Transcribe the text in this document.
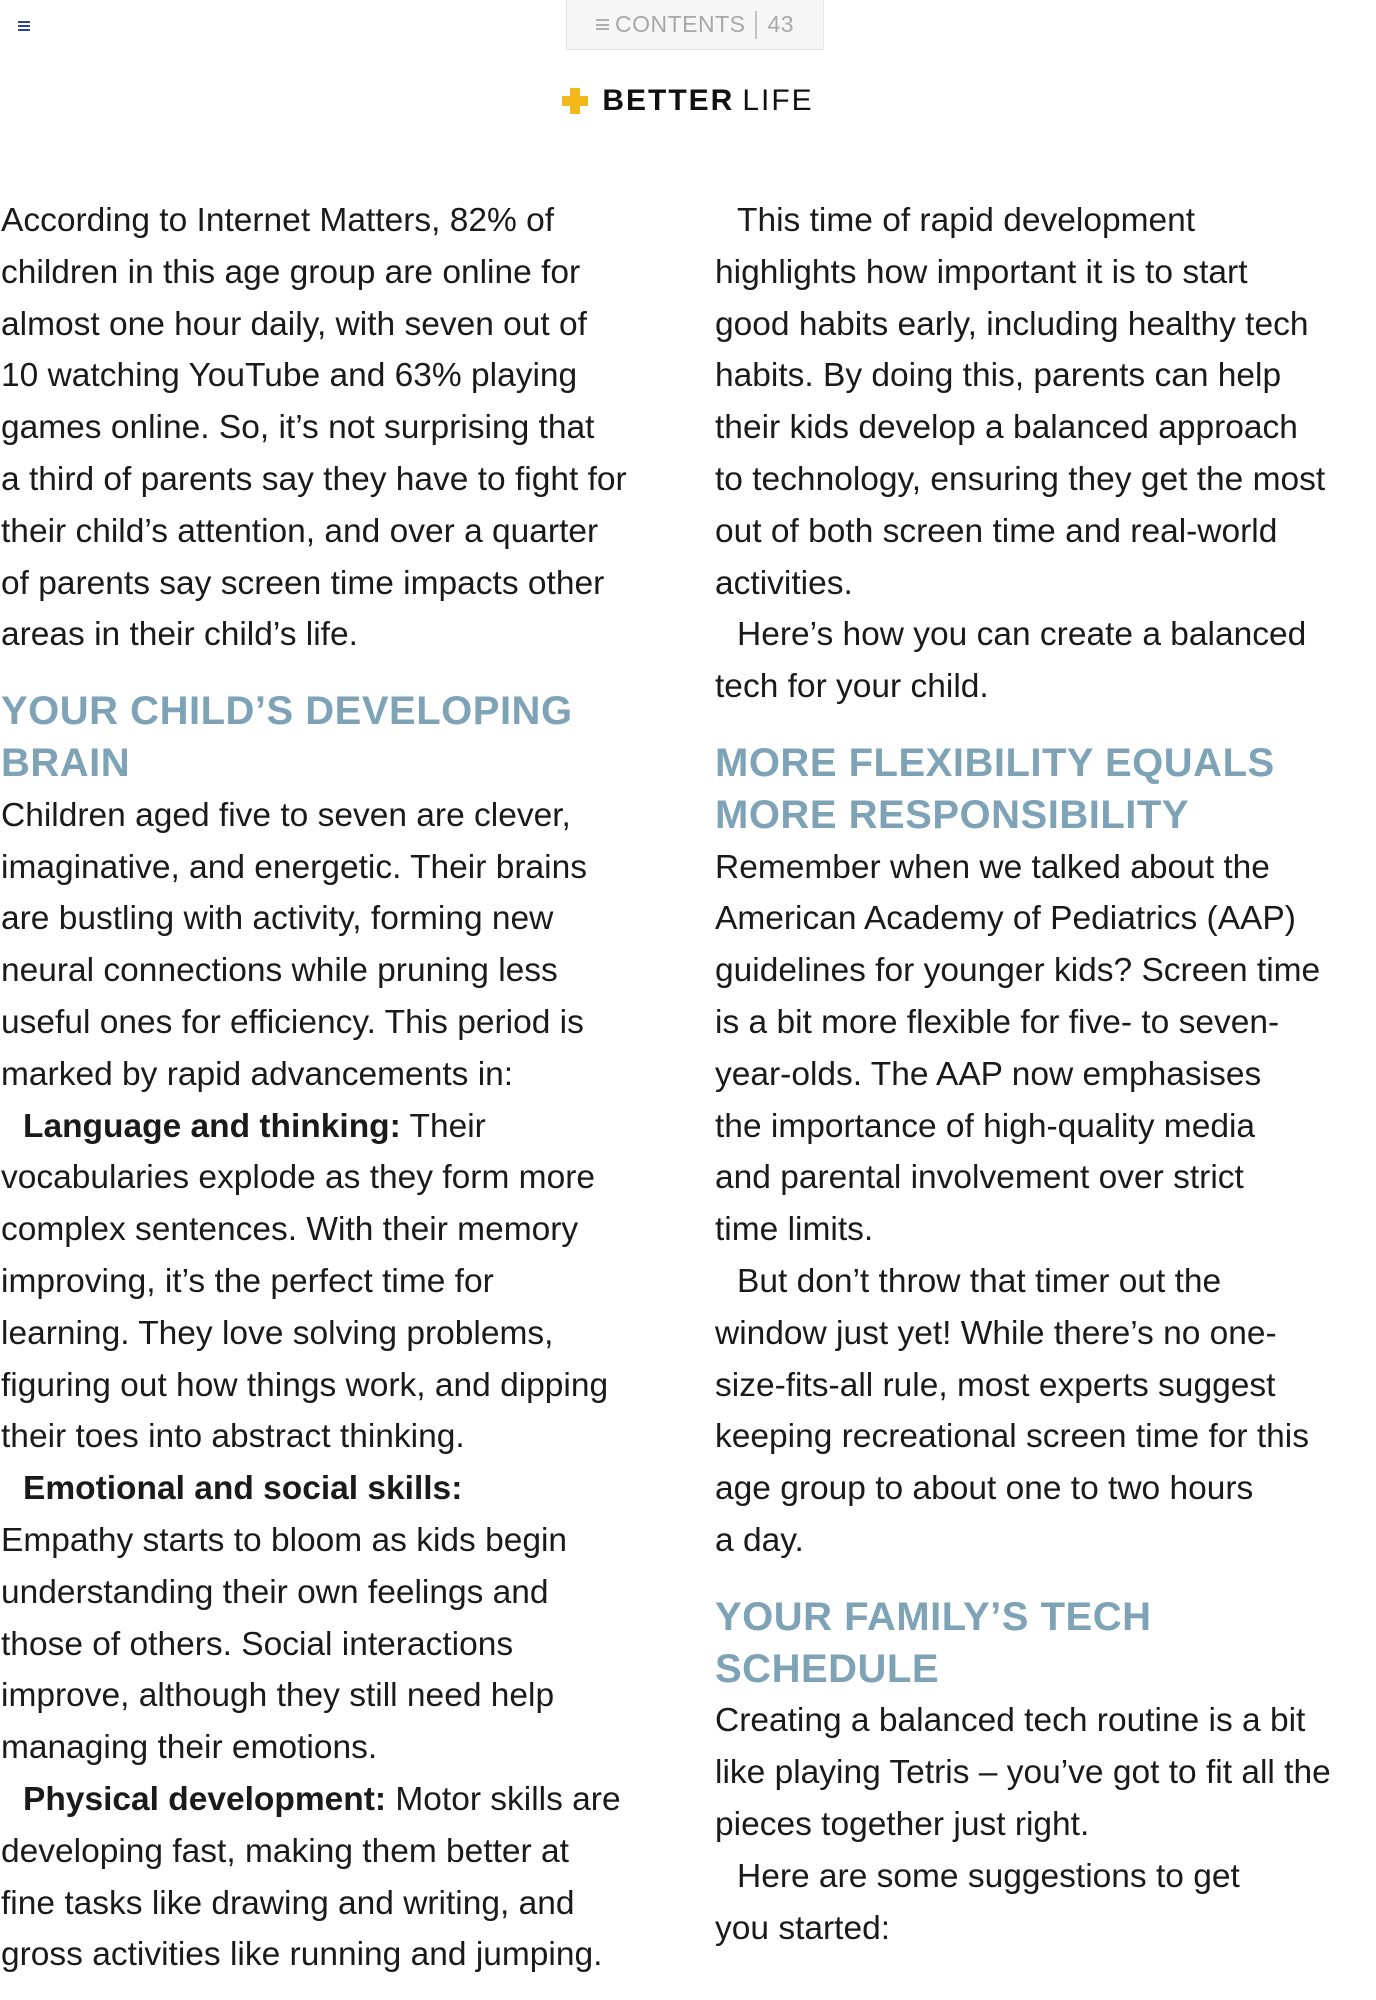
CONTENTS 43
BETTER LIFE

According to Internet Matters, 82% of
children in this age group are online for
almost one hour daily, with seven out of
10 watching YouTube and 63% playing
games online. So, it’s not surprising that
a third of parents say they have to fight for
their child’s attention, and over a quarter
of parents say screen time impacts other
areas in their child’s life.

YOUR CHILD’S DEVELOPING
BRAIN

Children aged five to seven are clever,
imaginative, and energetic. Their brains
are bustling with activity, forming new
neural connections while pruning less
useful ones for efficiency. This period is
marked by rapid advancements in:

Language and thinking: Their
vocabularies explode as they form more
complex sentences. With their memory
improving, it’s the perfect time for
learning. They love solving problems,
figuring out how things work, and dipping
their toes into abstract thinking.

Emotional and social skills:
Empathy starts to bloom as kids begin
understanding their own feelings and
those of others. Social interactions
improve, although they still need help
managing their emotions.

Physical development: Motor skills are
developing fast, making them better at
fine tasks like drawing and writing, and
gross activities like running and jumping.

This time of rapid development
highlights how important it is to start
good habits early, including healthy tech
habits. By doing this, parents can help
their kids develop a balanced approach
to technology, ensuring they get the most
out of both screen time and real-world
activities.

Here’s how you can create a balanced
tech for your child.

MORE FLEXIBILITY EQUALS
MORE RESPONSIBILITY

Remember when we talked about the
American Academy of Pediatrics (AAP)
guidelines for younger kids? Screen time
is a bit more flexible for five- to seven-
year-olds. The AAP now emphasises
the importance of high-quality media
and parental involvement over strict
time limits.

But don’t throw that timer out the
window just yet! While there’s no one-
size-fits-all rule, most experts suggest
keeping recreational screen time for this
age group to about one to two hours
a day.

YOUR FAMILY’S TECH
SCHEDULE

Creating a balanced tech routine is a bit
like playing Tetris – you’ve got to fit all the
pieces together just right.

Here are some suggestions to get
you started:
